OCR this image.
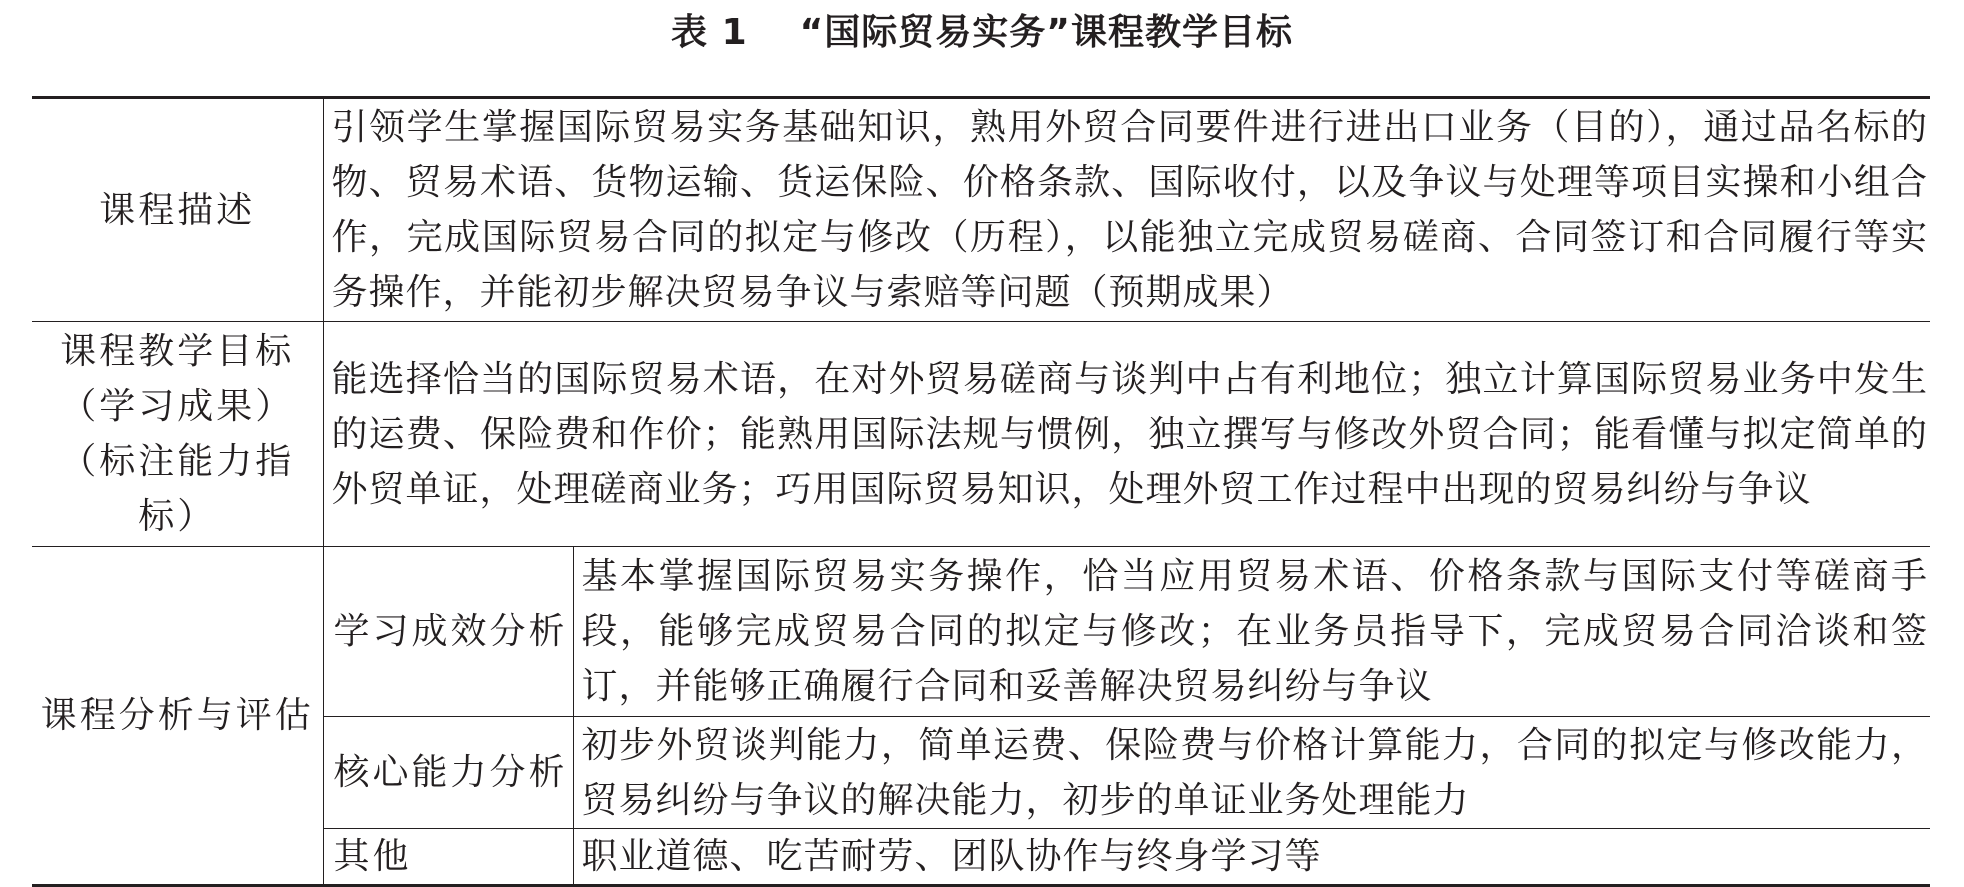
表 1 “国际贸易实务”课程教学目标
课程描述	引领学生掌握国际贸易实务基础知识，熟用外贸合同要件进行进出口业务（目的），通过品名标的物、贸易术语、货物运输、货运保险、价格条款、国际收付，以及争议与处理等项目实操和小组合作，完成国际贸易合同的拟定与修改（历程），以能独立完成贸易磋商、合同签订和合同履行等实务操作，并能初步解决贸易争议与索赔等问题（预期成果）	

课程教学目标
（学习成果）
（标注能力指标）	能选择恰当的国际贸易术语，在对外贸易磋商与谈判中占有利地位；独立计算国际贸易业务中发生的运费、保险费和作价；能熟用国际法规与惯例，独立撰写与修改外贸合同；能看懂与拟定简单的外贸单证，处理磋商业务；巧用国际贸易知识，处理外贸工作过程中出现的贸易纠纷与争议	
课程分析与评估	学习成效分析	基本掌握国际贸易实务操作，恰当应用贸易术语、价格条款与国际支付等磋商手段，能够完成贸易合同的拟定与修改；在业务员指导下，完成贸易合同洽谈和签订，并能够正确履行合同和妥善解决贸易纠纷与争议
	核心能力分析	初步外贸谈判能力，简单运费、保险费与价格计算能力，合同的拟定与修改能力，贸易纠纷与争议的解决能力，初步的单证业务处理能力
	其他	职业道德、吃苦耐劳、团队协作与终身学习等
